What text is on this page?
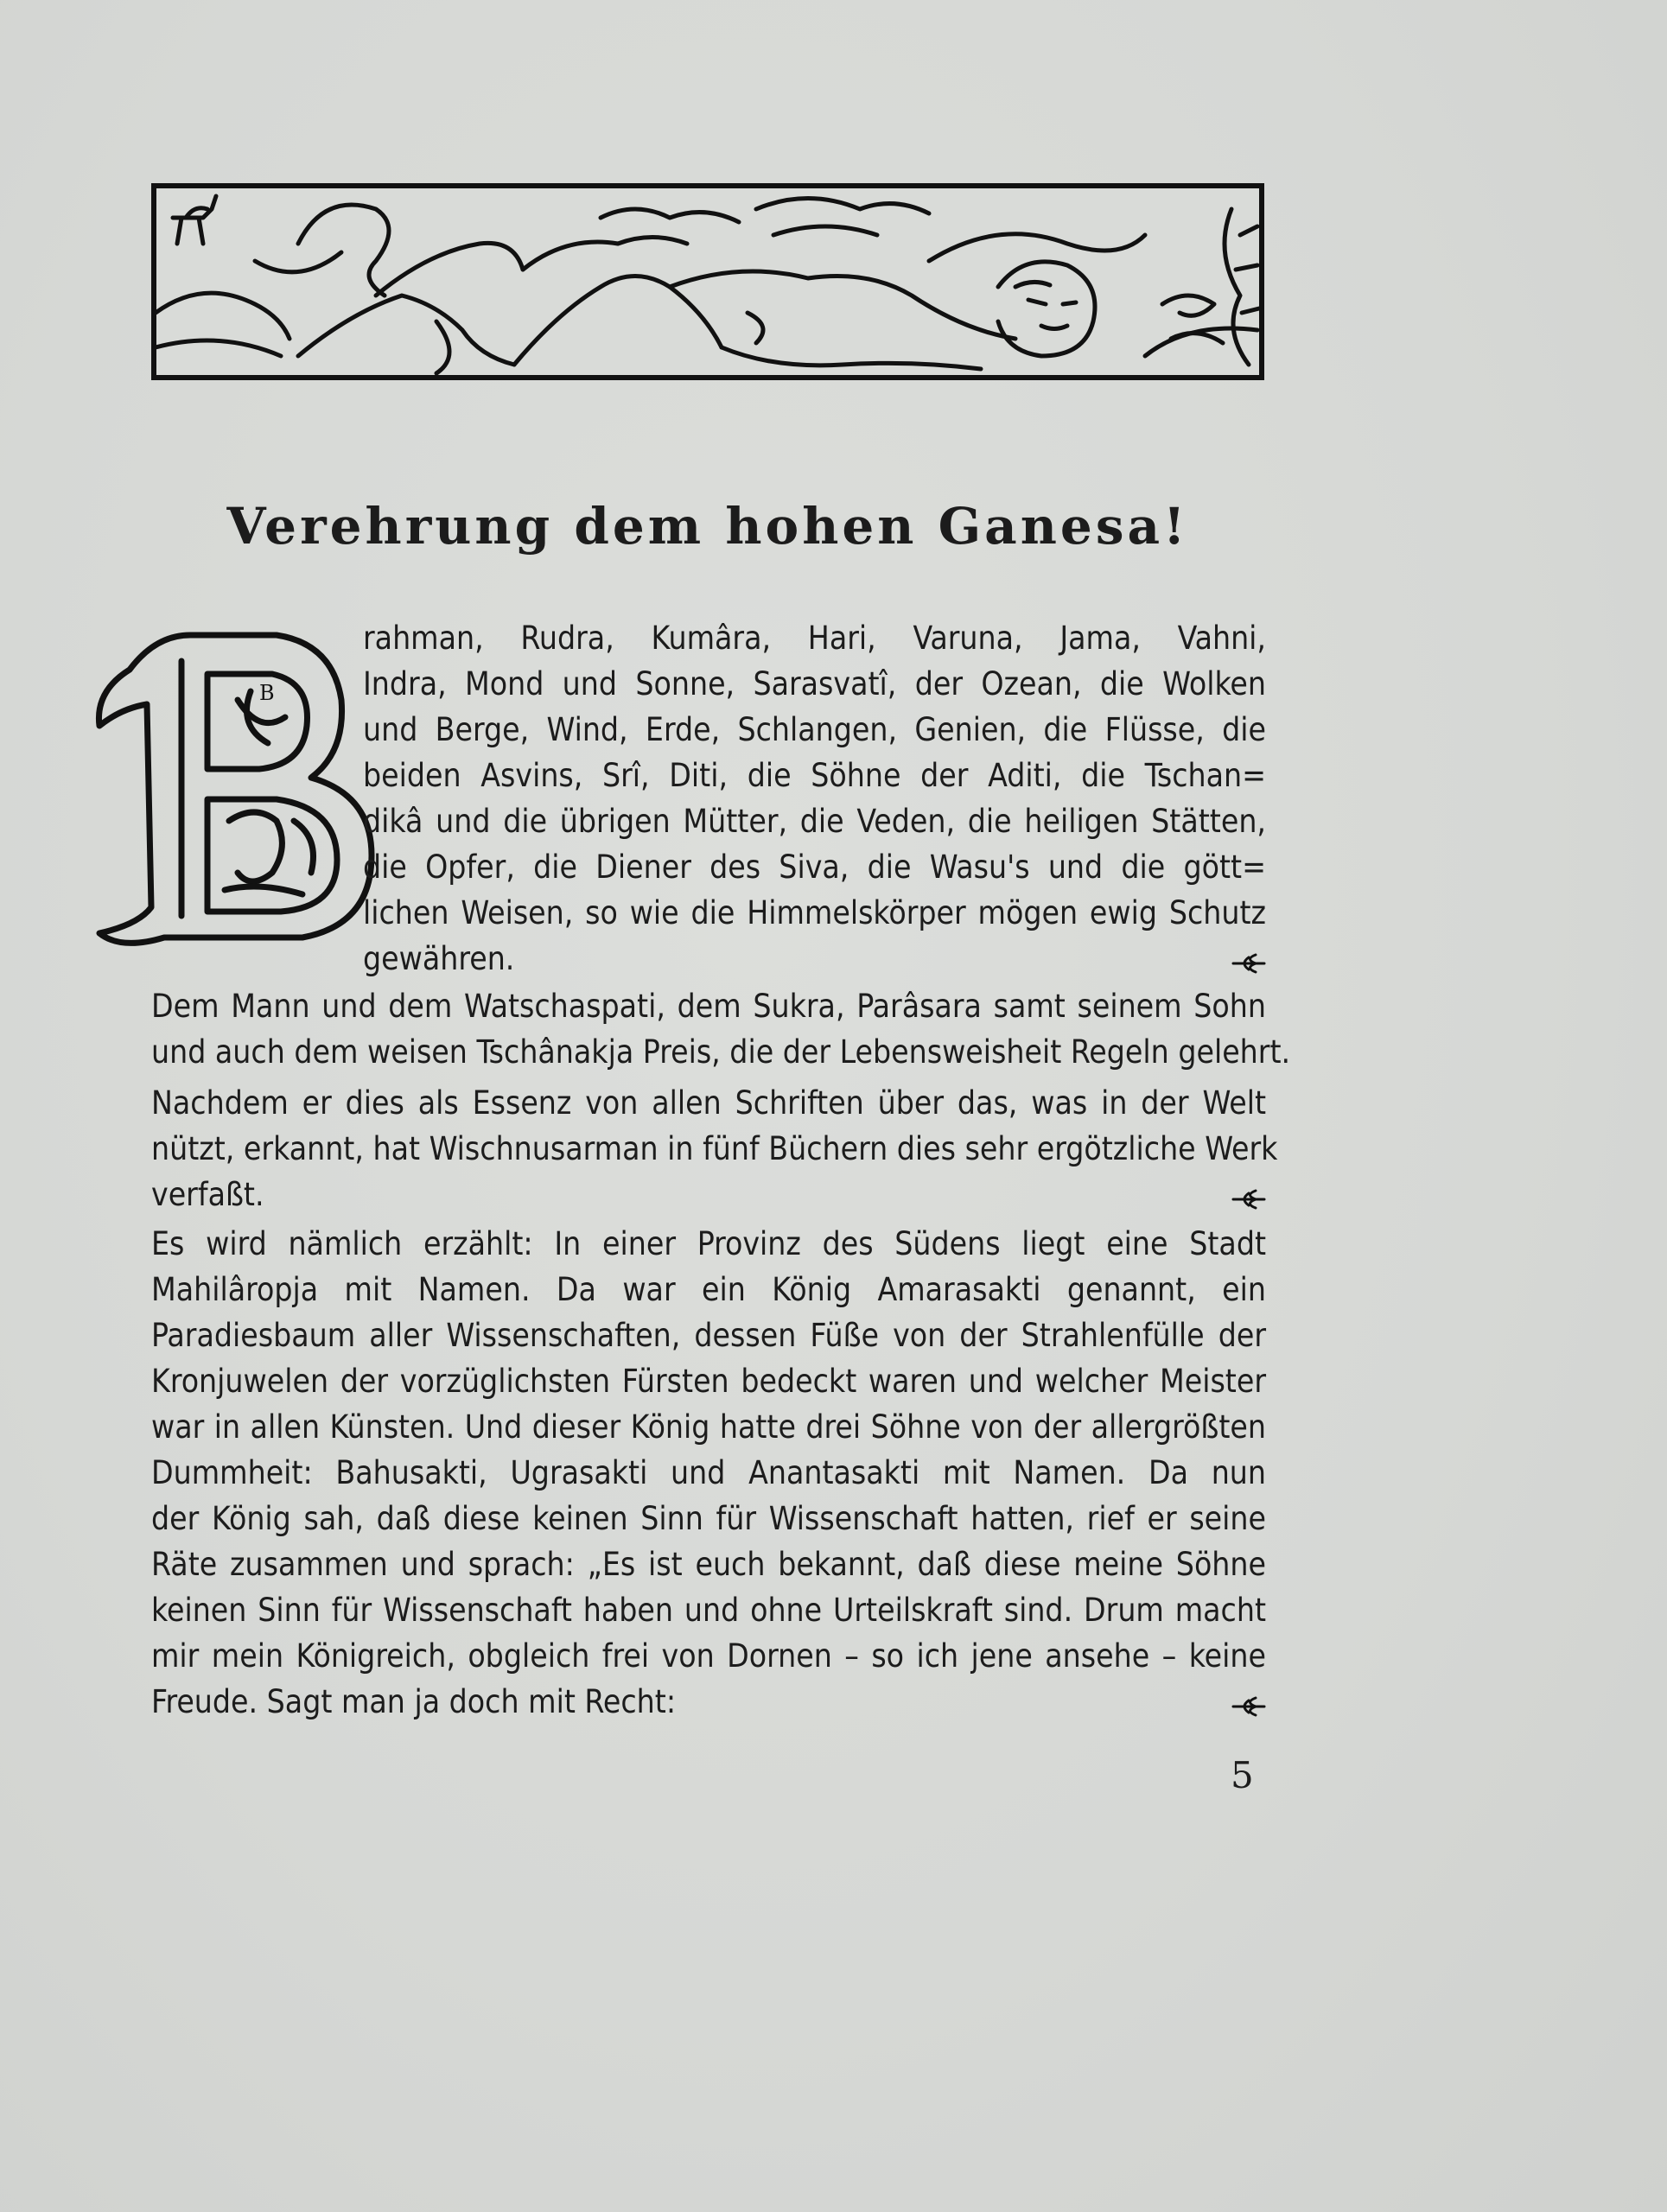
Verehrung dem hohen Ganesa!
B

rahman, Rudra, Kumâra, Hari, Varuna, Jama, Vahni,

Indra, Mond und Sonne, Sarasvatî, der Ozean, die Wolken

und Berge, Wind, Erde, Schlangen, Genien, die Flüsse, die

beiden Asvins, Srî, Diti, die Söhne der Aditi, die Tschan=

dikâ und die übrigen Mütter, die Veden, die heiligen Stätten,

die Opfer, die Diener des Siva, die Wasu's und die gött=

lichen Weisen, so wie die Himmelskörper mögen ewig Schutz

gewähren.

Dem Mann und dem Watschaspati, dem Sukra, Parâsara samt seinem Sohn

und auch dem weisen Tschânakja Preis, die der Lebensweisheit Regeln gelehrt.

Nachdem er dies als Essenz von allen Schriften über das, was in der Welt

nützt, erkannt, hat Wischnusarman in fünf Büchern dies sehr ergötzliche Werk

verfaßt.

Es wird nämlich erzählt: In einer Provinz des Südens liegt eine Stadt

Mahilâropja mit Namen. Da war ein König Amarasakti genannt, ein

Paradiesbaum aller Wissenschaften, dessen Füße von der Strahlenfülle der

Kronjuwelen der vorzüglichsten Fürsten bedeckt waren und welcher Meister

war in allen Künsten. Und dieser König hatte drei Söhne von der allergrößten

Dummheit: Bahusakti, Ugrasakti und Anantasakti mit Namen. Da nun

der König sah, daß diese keinen Sinn für Wissenschaft hatten, rief er seine

Räte zusammen und sprach: „Es ist euch bekannt, daß diese meine Söhne

keinen Sinn für Wissenschaft haben und ohne Urteilskraft sind. Drum macht

mir mein Königreich, obgleich frei von Dornen – so ich jene ansehe – keine

Freude. Sagt man ja doch mit Recht:

5
